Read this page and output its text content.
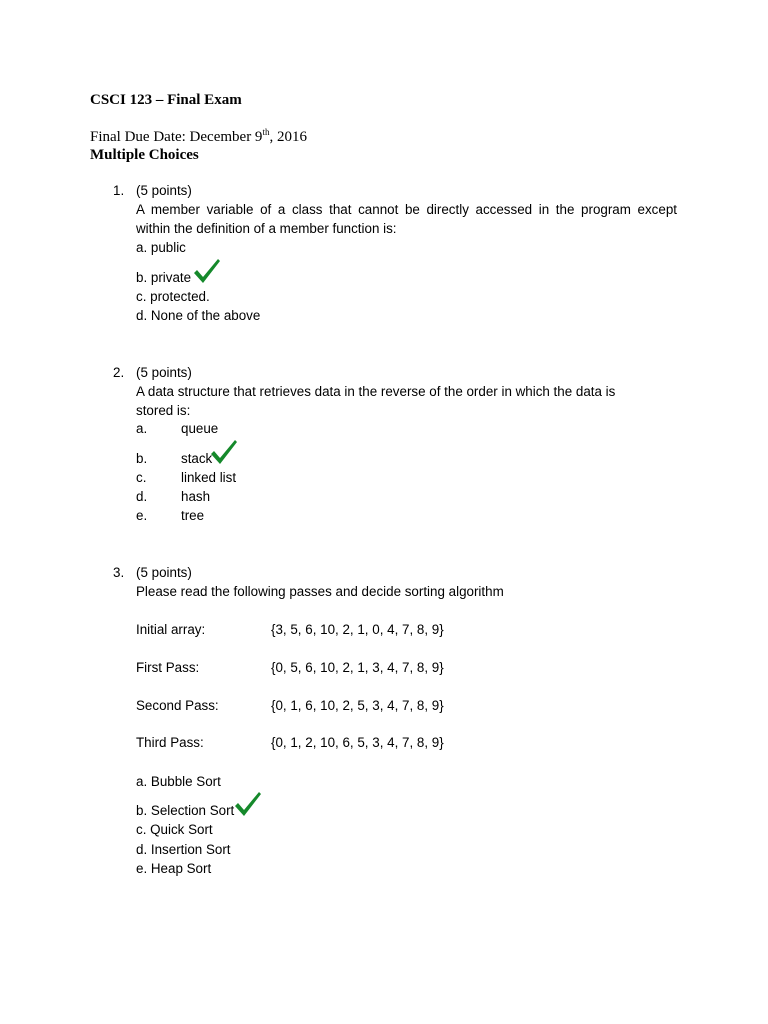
CSCI 123 – Final Exam
Final Due Date: December 9th, 2016
Multiple Choices
1. (5 points)
A member variable of a class that cannot be directly accessed in the program except
within the definition of a member function is:
a. public
b. private
c. protected.
d. None of the above
2. (5 points)
A data structure that retrieves data in the reverse of the order in which the data is
stored is:
a.	queue
b.	stack
c.	linked list
d.	hash
e.	tree
3. (5 points)
Please read the following passes and decide sorting algorithm
Initial array:	{3, 5, 6, 10, 2, 1, 0, 4, 7, 8, 9}
First Pass:	{0, 5, 6, 10, 2, 1, 3, 4, 7, 8, 9}
Second Pass:	{0, 1, 6, 10, 2, 5, 3, 4, 7, 8, 9}
Third Pass:	{0, 1, 2, 10, 6, 5, 3, 4, 7, 8, 9}
a. Bubble Sort
b. Selection Sort
c. Quick Sort
d. Insertion Sort
e. Heap Sort
